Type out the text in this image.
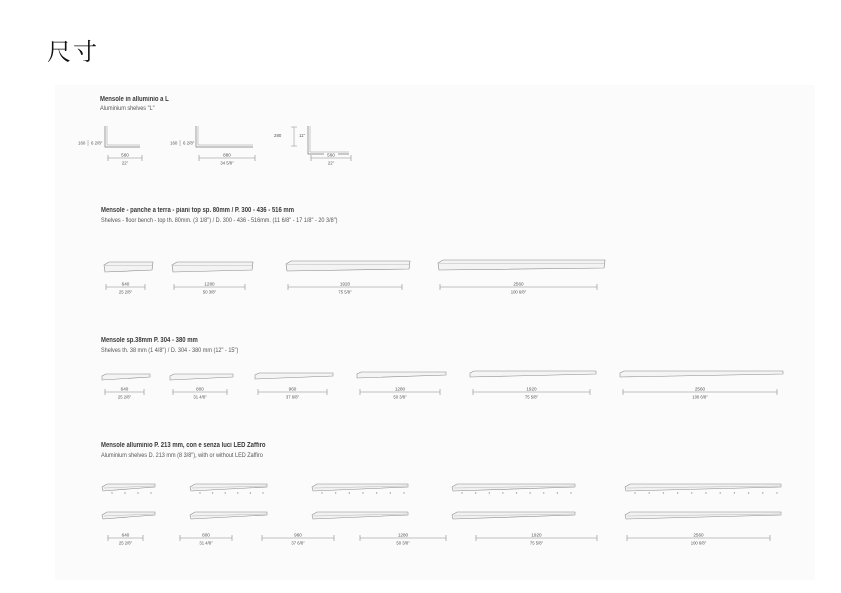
尺寸
Mensole in alluminio a L
Aluminium shelves "L"
Mensole - panche a terra - piani top sp. 80mm / P. 300 - 436 - 516 mm
Shelves - floor bench - top th. 80mm. (3 1/8") / D. 300 - 436 - 516mm. (11 6/8" - 17 1/8" - 20 3/8")
Mensole sp.38mm P. 304 - 380 mm
Shelves th. 38 mm (1 4/8") / D. 304 - 380 mm (12" - 15")
Mensole alluminio P. 213 mm, con e senza luci LED Zaffiro
Aluminium shelves D. 213 mm (8 3/8"), with or without LED Zaffiro
160 6 2/8"
560
22"
160 6 2/8"
880
34 5/8"
280	11"
560
22"
640
25 2/8"
1280
50 3/8"
1920
75 5/8"
2560
100 6/8"
640
25 2/8"
800
31 4/8"
960
37 6/8"
1280
50 3/8"
1920
75 5/8"
2560
100 6/8"
640
25 2/8"
800
31 4/8"
960
37 6/8"
1280
50 3/8"
1920
75 5/8"
2560
100 6/8"
